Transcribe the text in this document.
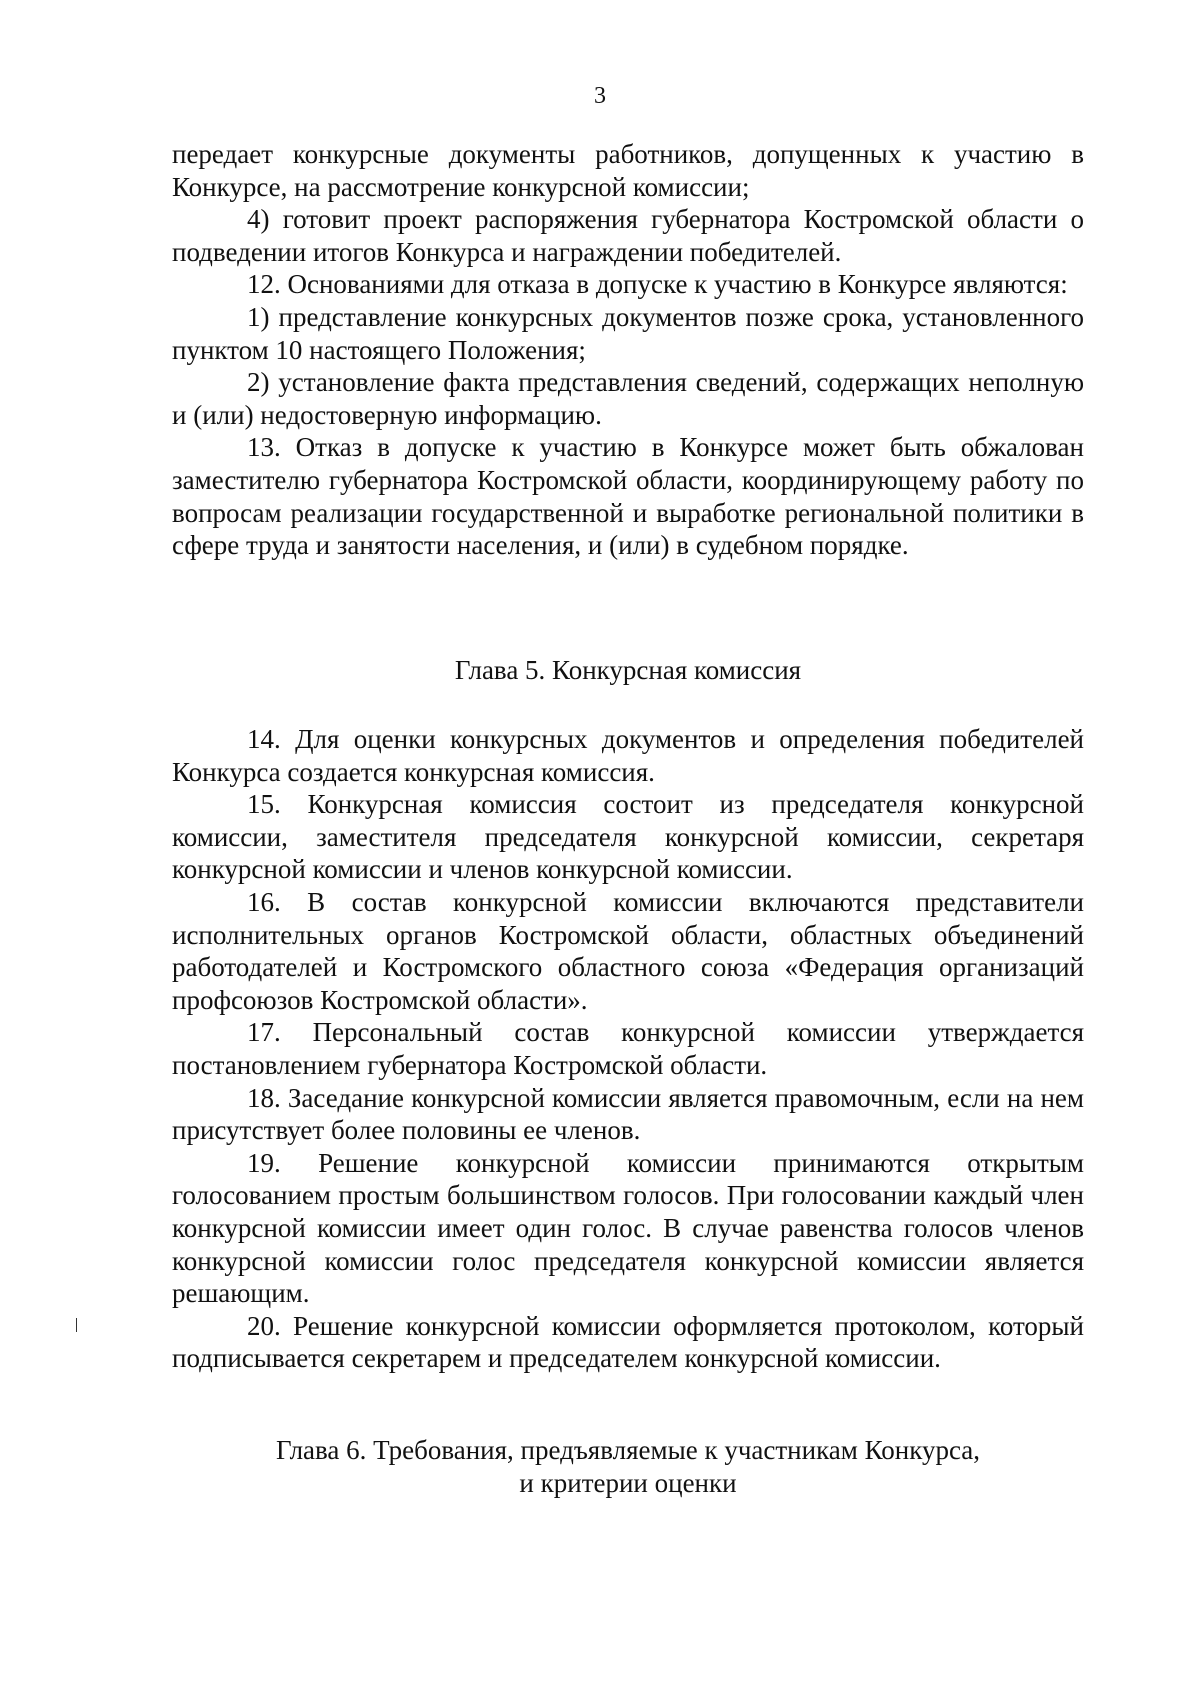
3

передает конкурсные документы работников, допущенных к участию в Конкурсе, на рассмотрение конкурсной комиссии;

4) готовит проект распоряжения губернатора Костромской области о подведении итогов Конкурса и награждении победителей.

12. Основаниями для отказа в допуске к участию в Конкурсе являются:

1) представление конкурсных документов позже срока, установленного пунктом 10 настоящего Положения;

2) установление факта представления сведений, содержащих неполную и (или) недостоверную информацию.

13. Отказ в допуске к участию в Конкурсе может быть обжалован заместителю губернатора Костромской области, координирующему работу по вопросам реализации государственной и выработке региональной политики в сфере труда и занятости населения, и (или) в судебном порядке.

Глава 5. Конкурсная комиссия

14. Для оценки конкурсных документов и определения победителей Конкурса создается конкурсная комиссия.

15. Конкурсная комиссия состоит из председателя конкурсной комиссии, заместителя председателя конкурсной комиссии, секретаря конкурсной комиссии и членов конкурсной комиссии.

16. В состав конкурсной комиссии включаются представители исполнительных органов Костромской области, областных объединений работодателей и Костромского областного союза «Федерация организаций профсоюзов Костромской области».

17. Персональный состав конкурсной комиссии утверждается постановлением губернатора Костромской области.

18. Заседание конкурсной комиссии является правомочным, если на нем присутствует более половины ее членов.

19. Решение конкурсной комиссии принимаются открытым голосованием простым большинством голосов. При голосовании каждый член конкурсной комиссии имеет один голос. В случае равенства голосов членов конкурсной комиссии голос председателя конкурсной комиссии является решающим.

20. Решение конкурсной комиссии оформляется протоколом, который подписывается секретарем и председателем конкурсной комиссии.

Глава 6. Требования, предъявляемые к участникам Конкурса,
и критерии оценки
